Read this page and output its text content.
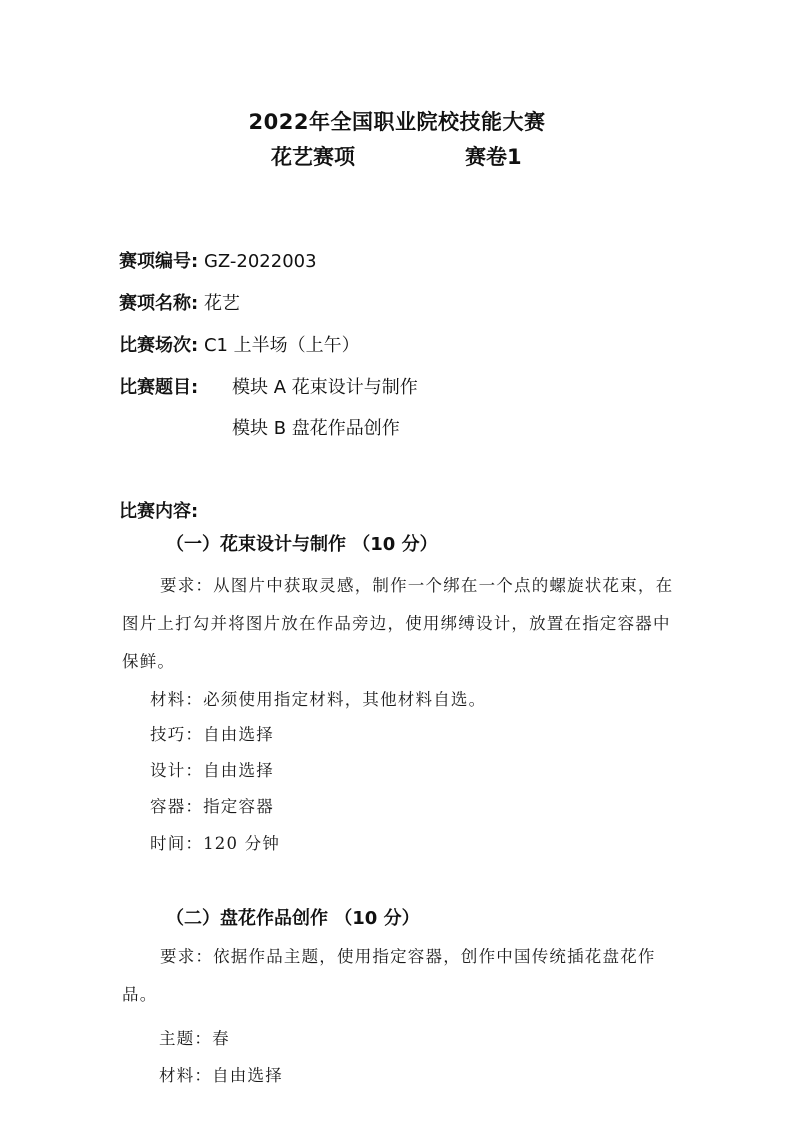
2022年全国职业院校技能大赛
花艺赛项	赛卷1
赛项编号: GZ-2022003
赛项名称: 花艺
比赛场次: C1 上半场（上午）
比赛题目: 模块 A 花束设计与制作
模块 B 盘花作品创作
比赛内容:
（一）花束设计与制作 （10 分）
要求：从图片中获取灵感，制作一个绑在一个点的螺旋状花束，在图片上打勾并将图片放在作品旁边，使用绑缚设计，放置在指定容器中保鲜。
材料：必须使用指定材料，其他材料自选。
技巧：自由选择
设计：自由选择
容器：指定容器
时间：120 分钟
（二）盘花作品创作 （10 分）
要求：依据作品主题，使用指定容器，创作中国传统插花盘花作品。
主题：春
材料：自由选择
